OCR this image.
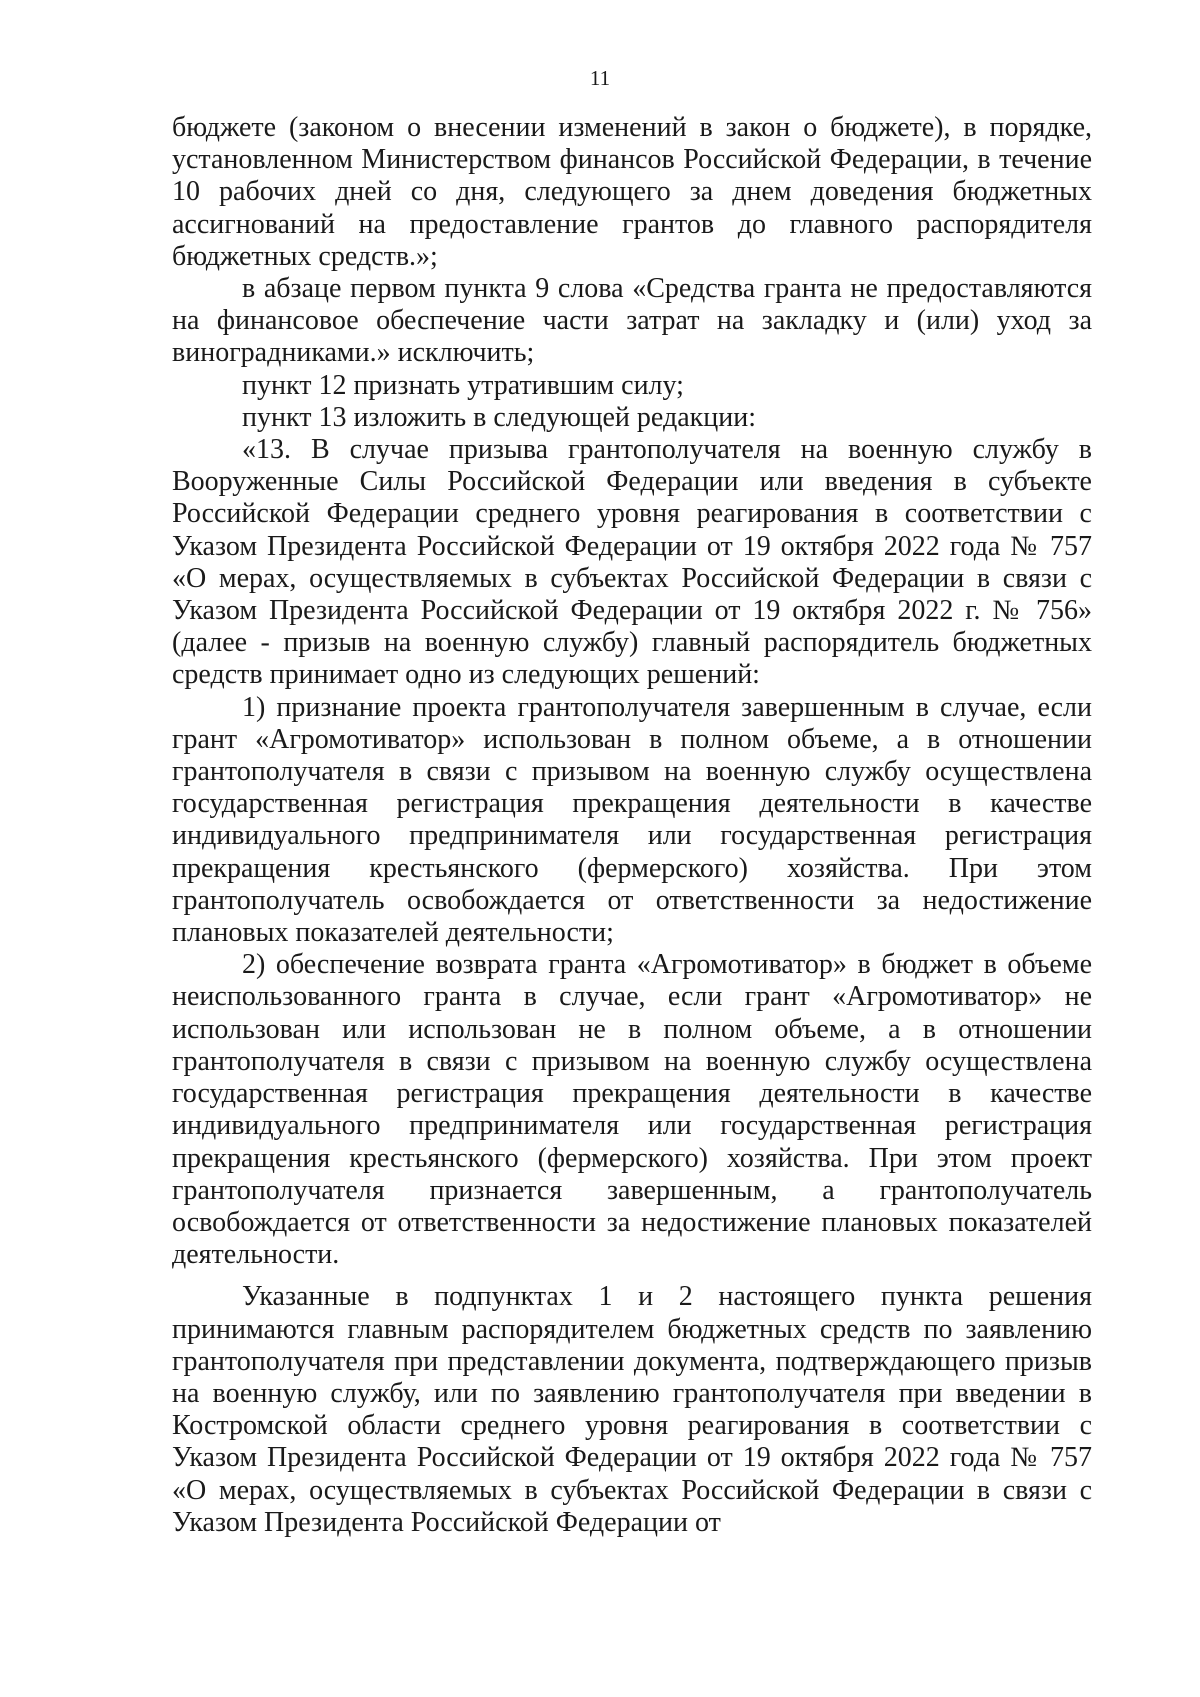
11

бюджете (законом о внесении изменений в закон о бюджете), в порядке, установленном Министерством финансов Российской Федерации, в течение 10 рабочих дней со дня, следующего за днем доведения бюджетных ассигнований на предоставление грантов до главного распорядителя бюджетных средств.»;

в абзаце первом пункта 9 слова «Средства гранта не предоставляются на финансовое обеспечение части затрат на закладку и (или) уход за виноградниками.» исключить;

пункт 12 признать утратившим силу;

пункт 13 изложить в следующей редакции:

«13. В случае призыва грантополучателя на военную службу в Вооруженные Силы Российской Федерации или введения в субъекте Российской Федерации среднего уровня реагирования в соответствии с Указом Президента Российской Федерации от 19 октября 2022 года № 757 «О мерах, осуществляемых в субъектах Российской Федерации в связи с Указом Президента Российской Федерации от 19 октября 2022 г. № 756» (далее - призыв на военную службу) главный распорядитель бюджетных средств принимает одно из следующих решений:

1) признание проекта грантополучателя завершенным в случае, если грант «Агромотиватор» использован в полном объеме, а в отношении грантополучателя в связи с призывом на военную службу осуществлена государственная регистрация прекращения деятельности в качестве индивидуального предпринимателя или государственная регистрация прекращения крестьянского (фермерского) хозяйства. При этом грантополучатель освобождается от ответственности за недостижение плановых показателей деятельности;

2) обеспечение возврата гранта «Агромотиватор» в бюджет в объеме неиспользованного гранта в случае, если грант «Агромотиватор» не использован или использован не в полном объеме, а в отношении грантополучателя в связи с призывом на военную службу осуществлена государственная регистрация прекращения деятельности в качестве индивидуального предпринимателя или государственная регистрация прекращения крестьянского (фермерского) хозяйства. При этом проект грантополучателя признается завершенным, а грантополучатель освобождается от ответственности за недостижение плановых показателей деятельности.

Указанные в подпунктах 1 и 2 настоящего пункта решения принимаются главным распорядителем бюджетных средств по заявлению грантополучателя при представлении документа, подтверждающего призыв на военную службу, или по заявлению грантополучателя при введении в Костромской области среднего уровня реагирования в соответствии с Указом Президента Российской Федерации от 19 октября 2022 года № 757 «О мерах, осуществляемых в субъектах Российской Федерации в связи с Указом Президента Российской Федерации от
